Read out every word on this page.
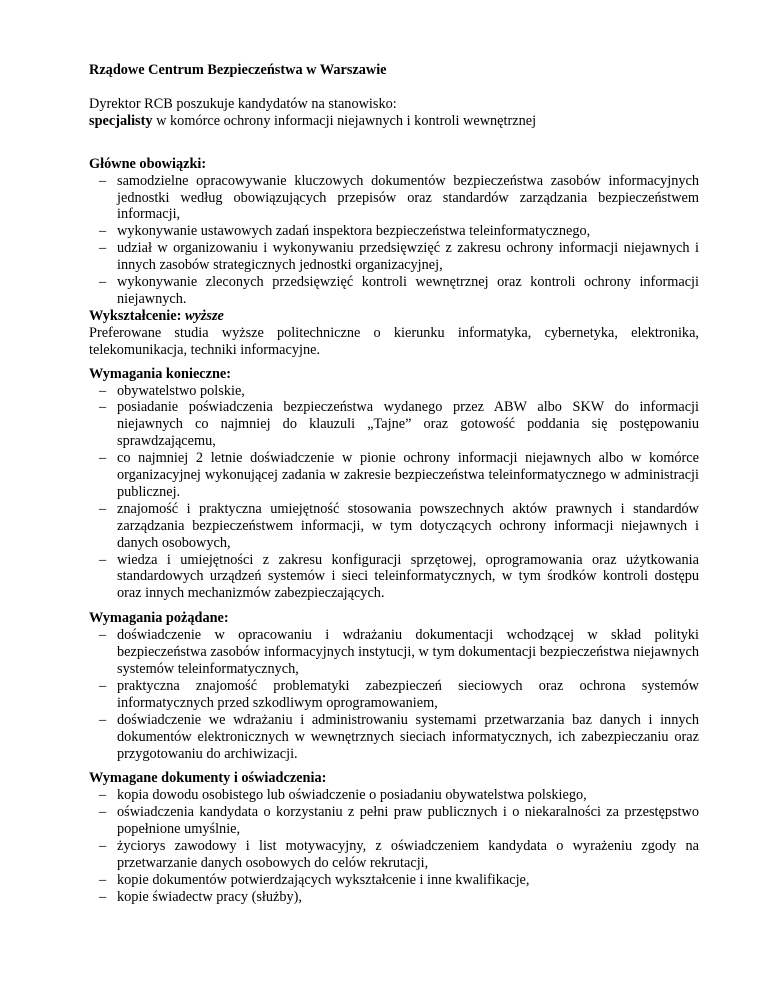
Rządowe Centrum Bezpieczeństwa w Warszawie

Dyrektor RCB poszukuje kandydatów na stanowisko:

specjalisty w komórce ochrony informacji niejawnych i kontroli wewnętrznej

Główne obowiązki:

– samodzielne opracowywanie kluczowych dokumentów bezpieczeństwa zasobów informacyjnych jednostki według obowiązujących przepisów oraz standardów zarządzania bezpieczeństwem informacji,
– wykonywanie ustawowych zadań inspektora bezpieczeństwa teleinformatycznego,
– udział w organizowaniu i wykonywaniu przedsięwzięć z zakresu ochrony informacji niejawnych i innych zasobów strategicznych jednostki organizacyjnej,
– wykonywanie zleconych przedsięwzięć kontroli wewnętrznej oraz kontroli ochrony informacji niejawnych.

Wykształcenie: wyższe

Preferowane studia wyższe politechniczne o kierunku informatyka, cybernetyka, elektronika, telekomunikacja, techniki informacyjne.

Wymagania konieczne:

– obywatelstwo polskie,
– posiadanie poświadczenia bezpieczeństwa wydanego przez ABW albo SKW do informacji niejawnych co najmniej do klauzuli „Tajne” oraz gotowość poddania się postępowaniu sprawdzającemu,
– co najmniej 2 letnie doświadczenie w pionie ochrony informacji niejawnych albo w komórce organizacyjnej wykonującej zadania w zakresie bezpieczeństwa teleinformatycznego w administracji publicznej.
– znajomość i praktyczna umiejętność stosowania powszechnych aktów prawnych i standardów zarządzania bezpieczeństwem informacji, w tym dotyczących ochrony informacji niejawnych i danych osobowych,
– wiedza i umiejętności z zakresu konfiguracji sprzętowej, oprogramowania oraz użytkowania standardowych urządzeń systemów i sieci teleinformatycznych, w tym środków kontroli dostępu oraz innych mechanizmów zabezpieczających.

Wymagania pożądane:

– doświadczenie w opracowaniu i wdrażaniu dokumentacji wchodzącej w skład polityki bezpieczeństwa zasobów informacyjnych instytucji, w tym dokumentacji bezpieczeństwa niejawnych systemów teleinformatycznych,
– praktyczna znajomość problematyki zabezpieczeń sieciowych oraz ochrona systemów informatycznych przed szkodliwym oprogramowaniem,
– doświadczenie we wdrażaniu i administrowaniu systemami przetwarzania baz danych i innych dokumentów elektronicznych w wewnętrznych sieciach informatycznych, ich zabezpieczaniu oraz przygotowaniu do archiwizacji.

Wymagane dokumenty i oświadczenia:

– kopia dowodu osobistego lub oświadczenie o posiadaniu obywatelstwa polskiego,
– oświadczenia kandydata o korzystaniu z pełni praw publicznych i o niekaralności za przestępstwo popełnione umyślnie,
– życiorys zawodowy i list motywacyjny, z oświadczeniem kandydata o wyrażeniu zgody na przetwarzanie danych osobowych do celów rekrutacji,
– kopie dokumentów potwierdzających wykształcenie i inne kwalifikacje,
– kopie świadectw pracy (służby),
